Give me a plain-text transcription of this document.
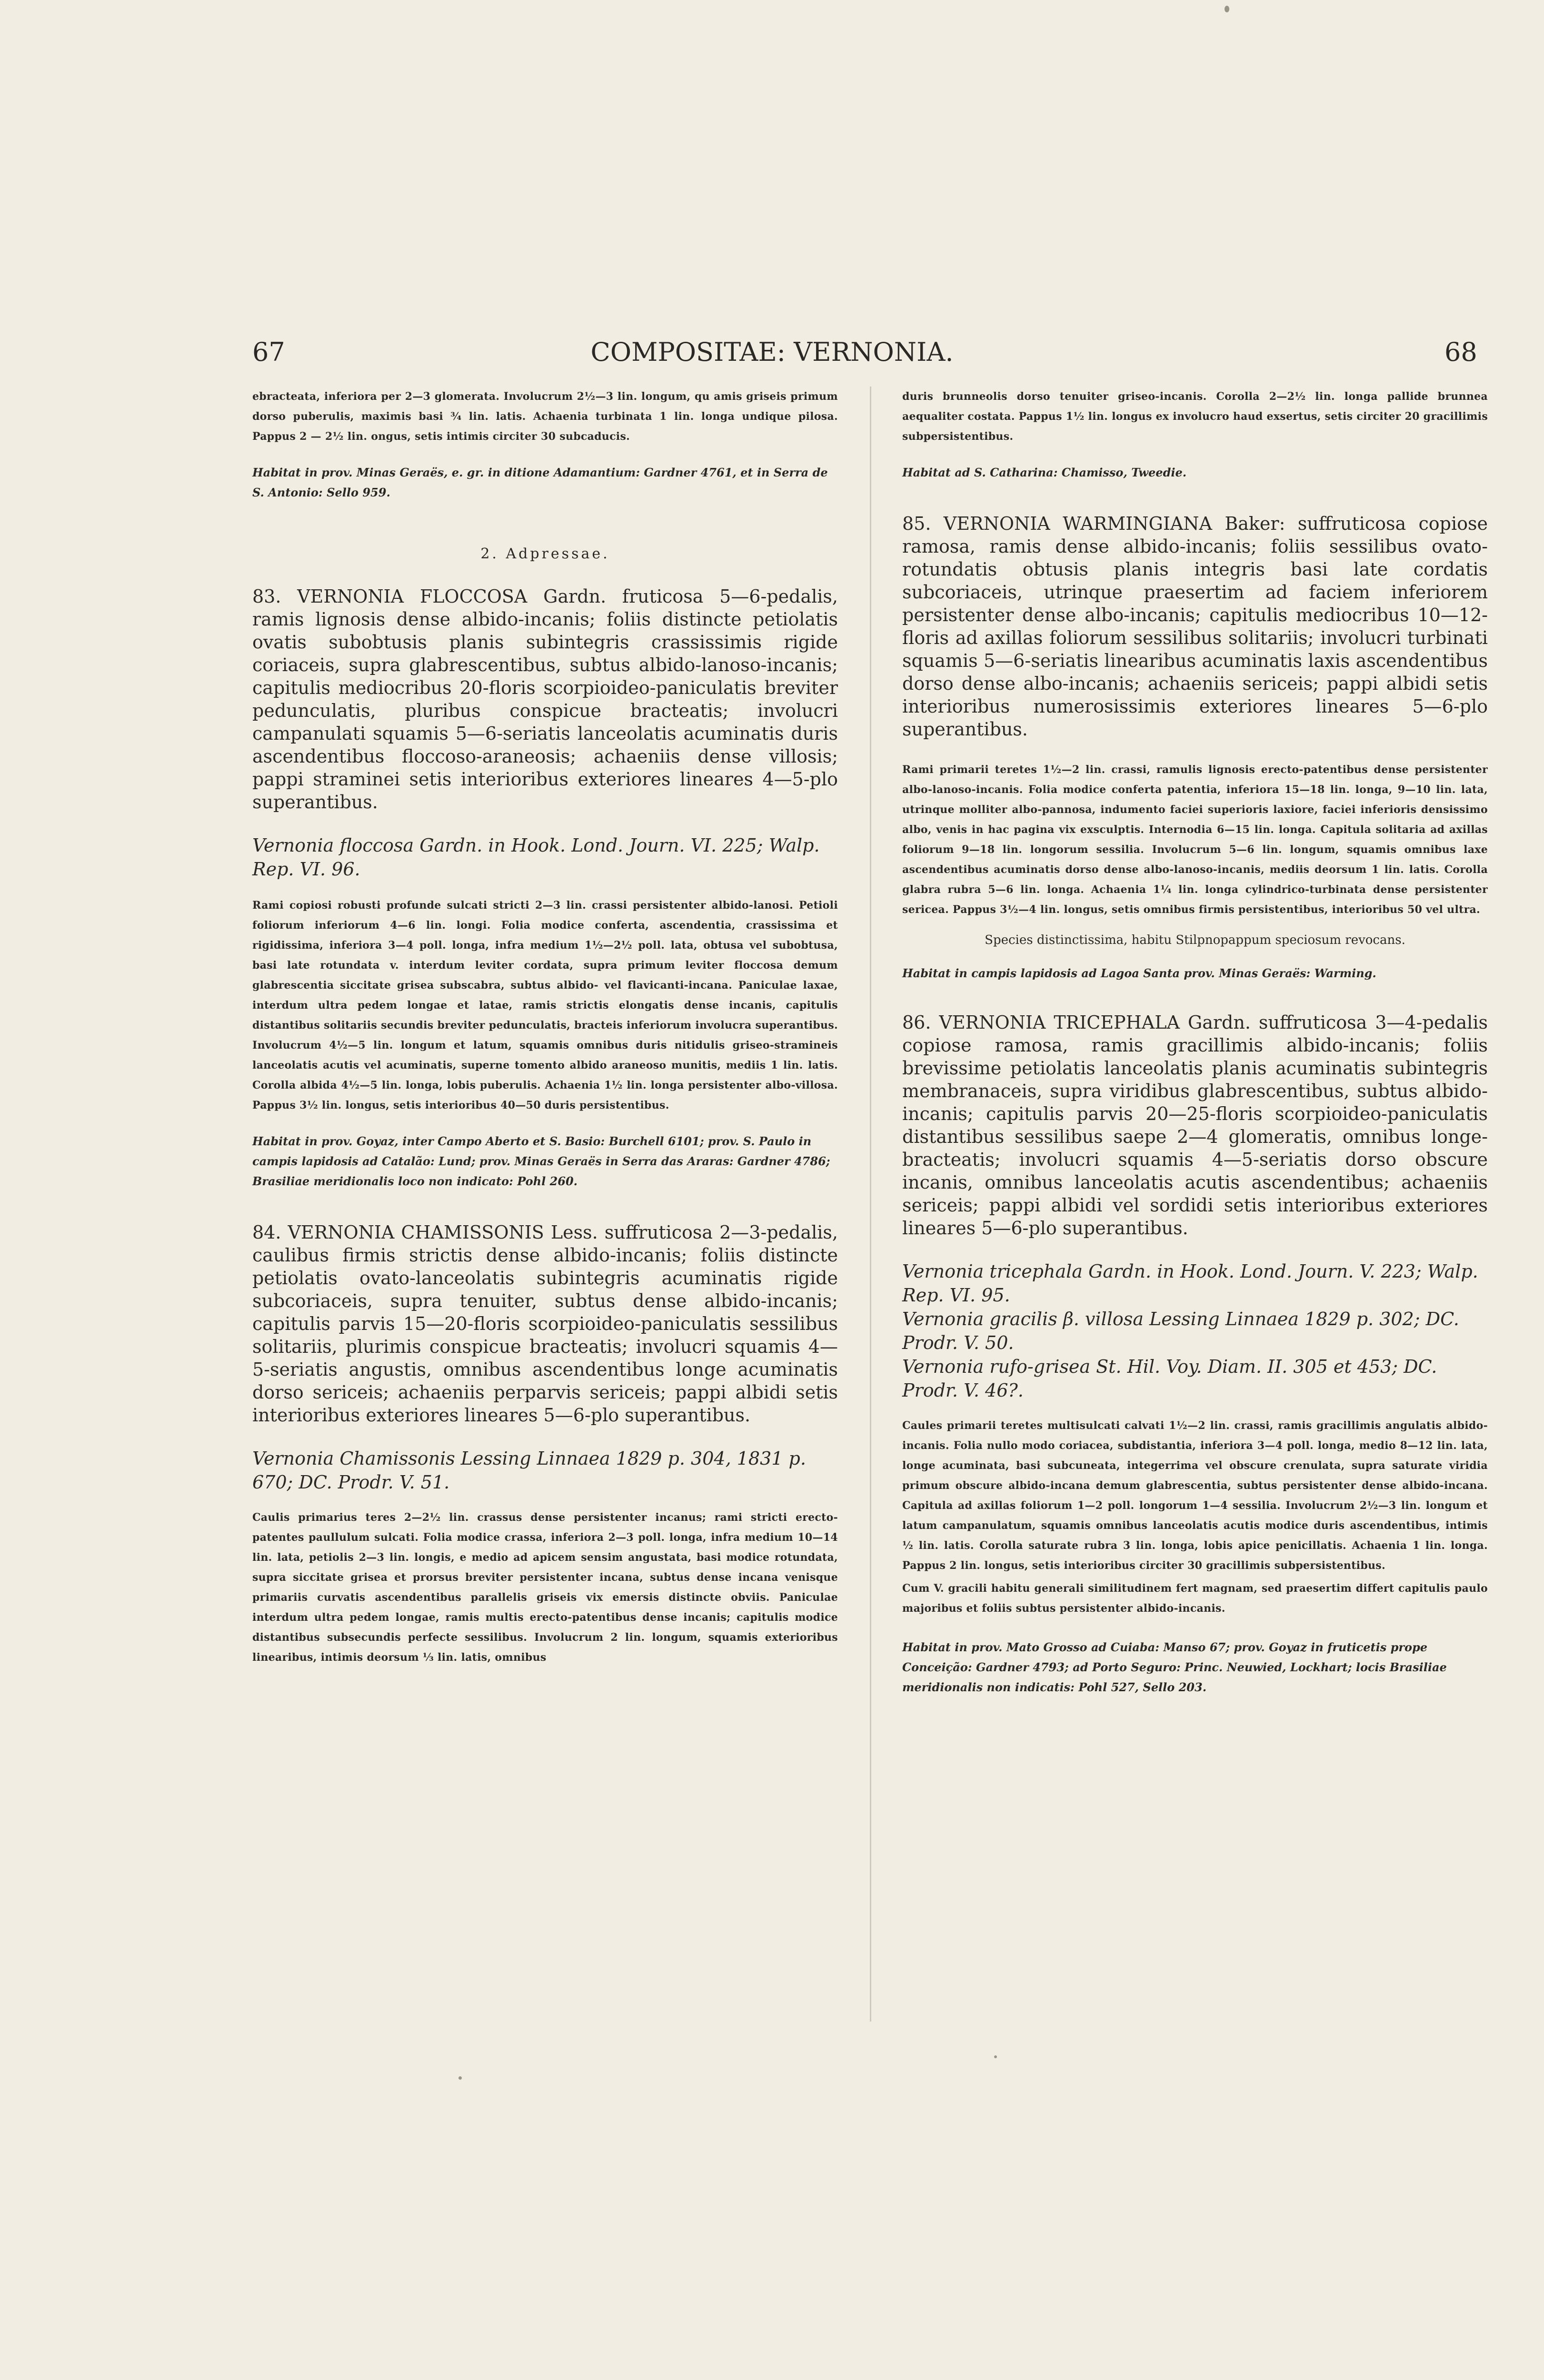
67	COMPOSITAE: VERNONIA.	68

ebracteata, inferiora per 2—3 glomerata. Involucrum 2½—3 lin. longum, qu amis griseis primum dorso puberulis, maximis basi ¾ lin. latis. Achaenia turbinata 1 lin. longa undique pilosa. Pappus 2 — 2½ lin. ongus, setis intimis circiter 30 subcaducis.

Habitat in prov. Minas Geraës, e. gr. in ditione Adamantium: Gardner 4761, et in Serra de S. Antonio: Sello 959.

2. Adpressae.

83. VERNONIA FLOCCOSA Gardn. fruticosa 5—6-pedalis, ramis lignosis dense albido-incanis; foliis distincte petiolatis ovatis subobtusis planis subintegris crassissimis rigide coriaceis, supra glabrescentibus, subtus albido-lanoso-incanis; capitulis mediocribus 20-floris scorpioideo-paniculatis breviter pedunculatis, pluribus conspicue bracteatis; involucri campanulati squamis 5—6-seriatis lanceolatis acuminatis duris ascendentibus floccoso-araneosis; achaeniis dense villosis; pappi straminei setis interioribus exteriores lineares 4—5-plo superantibus.

Vernonia floccosa Gardn. in Hook. Lond. Journ. VI. 225; Walp. Rep. VI. 96.

Rami copiosi robusti profunde sulcati stricti 2—3 lin. crassi persistenter albido-lanosi. Petioli foliorum inferiorum 4—6 lin. longi. Folia modice conferta, ascendentia, crassissima et rigidissima, inferiora 3—4 poll. longa, infra medium 1½—2½ poll. lata, obtusa vel subobtusa, basi late rotundata v. interdum leviter cordata, supra primum leviter floccosa demum glabrescentia siccitate grisea subscabra, subtus albido- vel flavicanti-incana. Paniculae laxae, interdum ultra pedem longae et latae, ramis strictis elongatis dense incanis, capitulis distantibus solitariis secundis breviter pedunculatis, bracteis inferiorum involucra superantibus. Involucrum 4½—5 lin. longum et latum, squamis omnibus duris nitidulis griseo-stramineis lanceolatis acutis vel acuminatis, superne tomento albido araneoso munitis, mediis 1 lin. latis. Corolla albida 4½—5 lin. longa, lobis puberulis. Achaenia 1½ lin. longa persistenter albo-villosa. Pappus 3½ lin. longus, setis interioribus 40—50 duris persistentibus.

Habitat in prov. Goyaz, inter Campo Aberto et S. Basio: Burchell 6101; prov. S. Paulo in campis lapidosis ad Catalão: Lund; prov. Minas Geraës in Serra das Araras: Gardner 4786; Brasiliae meridionalis loco non indicato: Pohl 260.

84. VERNONIA CHAMISSONIS Less. suffruticosa 2—3-pedalis, caulibus firmis strictis dense albido-incanis; foliis distincte petiolatis ovato-lanceolatis subintegris acuminatis rigide subcoriaceis, supra tenuiter, subtus dense albido-incanis; capitulis parvis 15—20-floris scorpioideo-paniculatis sessilibus solitariis, plurimis conspicue bracteatis; involucri squamis 4—5-seriatis angustis, omnibus ascendentibus longe acuminatis dorso sericeis; achaeniis perparvis sericeis; pappi albidi setis interioribus exteriores lineares 5—6-plo superantibus.

Vernonia Chamissonis Lessing Linnaea 1829 p. 304, 1831 p. 670; DC. Prodr. V. 51.

Caulis primarius teres 2—2½ lin. crassus dense persistenter incanus; rami stricti erecto-patentes paullulum sulcati. Folia modice crassa, inferiora 2—3 poll. longa, infra medium 10—14 lin. lata, petiolis 2—3 lin. longis, e medio ad apicem sensim angustata, basi modice rotundata, supra siccitate grisea et prorsus breviter persistenter incana, subtus dense incana venisque primariis curvatis ascendentibus parallelis griseis vix emersis distincte obviis. Paniculae interdum ultra pedem longae, ramis multis erecto-patentibus dense incanis; capitulis modice distantibus subsecundis perfecte sessilibus. Involucrum 2 lin. longum, squamis exterioribus linearibus, intimis deorsum ⅓ lin. latis, omnibus

duris brunneolis dorso tenuiter griseo-incanis. Corolla 2—2½ lin. longa pallide brunnea aequaliter costata. Pappus 1½ lin. longus ex involucro haud exsertus, setis circiter 20 gracillimis subpersistentibus.

Habitat ad S. Catharina: Chamisso, Tweedie.

85. VERNONIA WARMINGIANA Baker: suffruticosa copiose ramosa, ramis dense albido-incanis; foliis sessilibus ovato-rotundatis obtusis planis integris basi late cordatis subcoriaceis, utrinque praesertim ad faciem inferiorem persistenter dense albo-incanis; capitulis mediocribus 10—12-floris ad axillas foliorum sessilibus solitariis; involucri turbinati squamis 5—6-seriatis linearibus acuminatis laxis ascendentibus dorso dense albo-incanis; achaeniis sericeis; pappi albidi setis interioribus numerosissimis exteriores lineares 5—6-plo superantibus.

Rami primarii teretes 1½—2 lin. crassi, ramulis lignosis erecto-patentibus dense persistenter albo-lanoso-incanis. Folia modice conferta patentia, inferiora 15—18 lin. longa, 9—10 lin. lata, utrinque molliter albo-pannosa, indumento faciei superioris laxiore, faciei inferioris densissimo albo, venis in hac pagina vix exsculptis. Internodia 6—15 lin. longa. Capitula solitaria ad axillas foliorum 9—18 lin. longorum sessilia. Involucrum 5—6 lin. longum, squamis omnibus laxe ascendentibus acuminatis dorso dense albo-lanoso-incanis, mediis deorsum 1 lin. latis. Corolla glabra rubra 5—6 lin. longa. Achaenia 1¼ lin. longa cylindrico-turbinata dense persistenter sericea. Pappus 3½—4 lin. longus, setis omnibus firmis persistentibus, interioribus 50 vel ultra.

Species distinctissima, habitu Stilpnopappum speciosum revocans.

Habitat in campis lapidosis ad Lagoa Santa prov. Minas Geraës: Warming.

86. VERNONIA TRICEPHALA Gardn. suffruticosa 3—4-pedalis copiose ramosa, ramis gracillimis albido-incanis; foliis brevissime petiolatis lanceolatis planis acuminatis subintegris membranaceis, supra viridibus glabrescentibus, subtus albido-incanis; capitulis parvis 20—25-floris scorpioideo-paniculatis distantibus sessilibus saepe 2—4 glomeratis, omnibus longe-bracteatis; involucri squamis 4—5-seriatis dorso obscure incanis, omnibus lanceolatis acutis ascendentibus; achaeniis sericeis; pappi albidi vel sordidi setis interioribus exteriores lineares 5—6-plo superantibus.

Vernonia tricephala Gardn. in Hook. Lond. Journ. V. 223; Walp. Rep. VI. 95.

Vernonia gracilis β. villosa Lessing Linnaea 1829 p. 302; DC. Prodr. V. 50.

Vernonia rufo-grisea St. Hil. Voy. Diam. II. 305 et 453; DC. Prodr. V. 46?.

Caules primarii teretes multisulcati calvati 1½—2 lin. crassi, ramis gracillimis angulatis albido-incanis. Folia nullo modo coriacea, subdistantia, inferiora 3—4 poll. longa, medio 8—12 lin. lata, longe acuminata, basi subcuneata, integerrima vel obscure crenulata, supra saturate viridia primum obscure albido-incana demum glabrescentia, subtus persistenter dense albido-incana. Capitula ad axillas foliorum 1—2 poll. longorum 1—4 sessilia. Involucrum 2½—3 lin. longum et latum campanulatum, squamis omnibus lanceolatis acutis modice duris ascendentibus, intimis ½ lin. latis. Corolla saturate rubra 3 lin. longa, lobis apice penicillatis. Achaenia 1 lin. longa. Pappus 2 lin. longus, setis interioribus circiter 30 gracillimis subpersistentibus.

Cum V. gracili habitu generali similitudinem fert magnam, sed praesertim differt capitulis paulo majoribus et foliis subtus persistenter albido-incanis.

Habitat in prov. Mato Grosso ad Cuiaba: Manso 67; prov. Goyaz in fruticetis prope Conceição: Gardner 4793; ad Porto Seguro: Princ. Neuwied, Lockhart; locis Brasiliae meridionalis non indicatis: Pohl 527, Sello 203.
